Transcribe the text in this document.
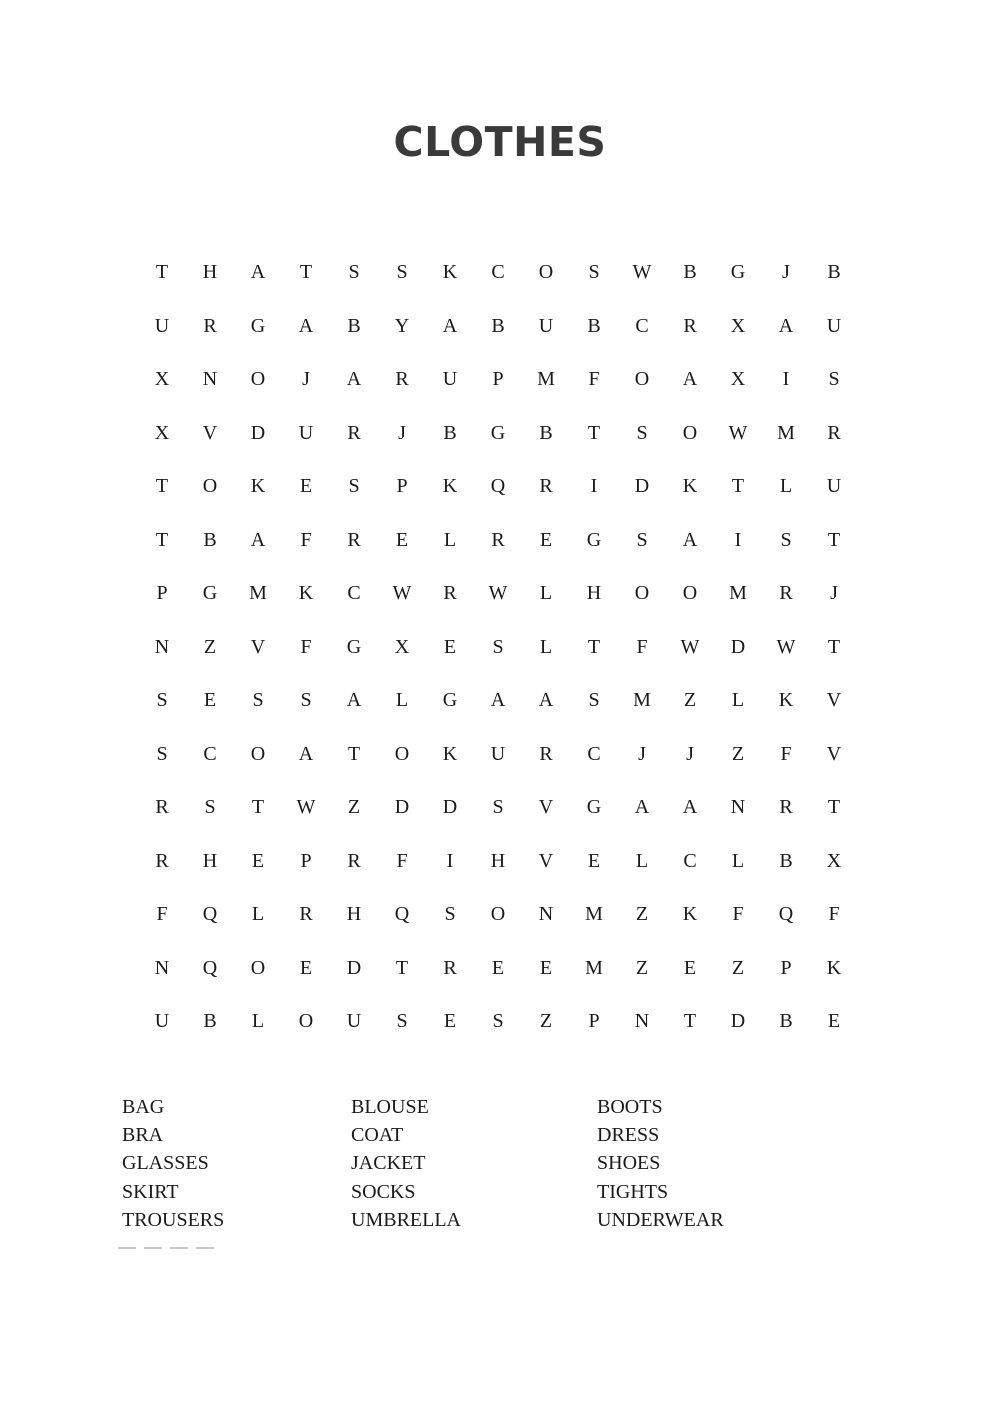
CLOTHES
T	H	A	T	S	S	K	C	O	S	W	B	G	J	B
U	R	G	A	B	Y	A	B	U	B	C	R	X	A	U
X	N	O	J	A	R	U	P	M	F	O	A	X	I	S
X	V	D	U	R	J	B	G	B	T	S	O	W	M	R
T	O	K	E	S	P	K	Q	R	I	D	K	T	L	U
T	B	A	F	R	E	L	R	E	G	S	A	I	S	T
P	G	M	K	C	W	R	W	L	H	O	O	M	R	J
N	Z	V	F	G	X	E	S	L	T	F	W	D	W	T
S	E	S	S	A	L	G	A	A	S	M	Z	L	K	V
S	C	O	A	T	O	K	U	R	C	J	J	Z	F	V
R	S	T	W	Z	D	D	S	V	G	A	A	N	R	T
R	H	E	P	R	F	I	H	V	E	L	C	L	B	X
F	Q	L	R	H	Q	S	O	N	M	Z	K	F	Q	F
N	Q	O	E	D	T	R	E	E	M	Z	E	Z	P	K
U	B	L	O	U	S	E	S	Z	P	N	T	D	B	E
BAG	BLOUSE	BOOTS
BRA	COAT	DRESS
GLASSES	JACKET	SHOES
SKIRT	SOCKS	TIGHTS
TROUSERS	UMBRELLA	UNDERWEAR
